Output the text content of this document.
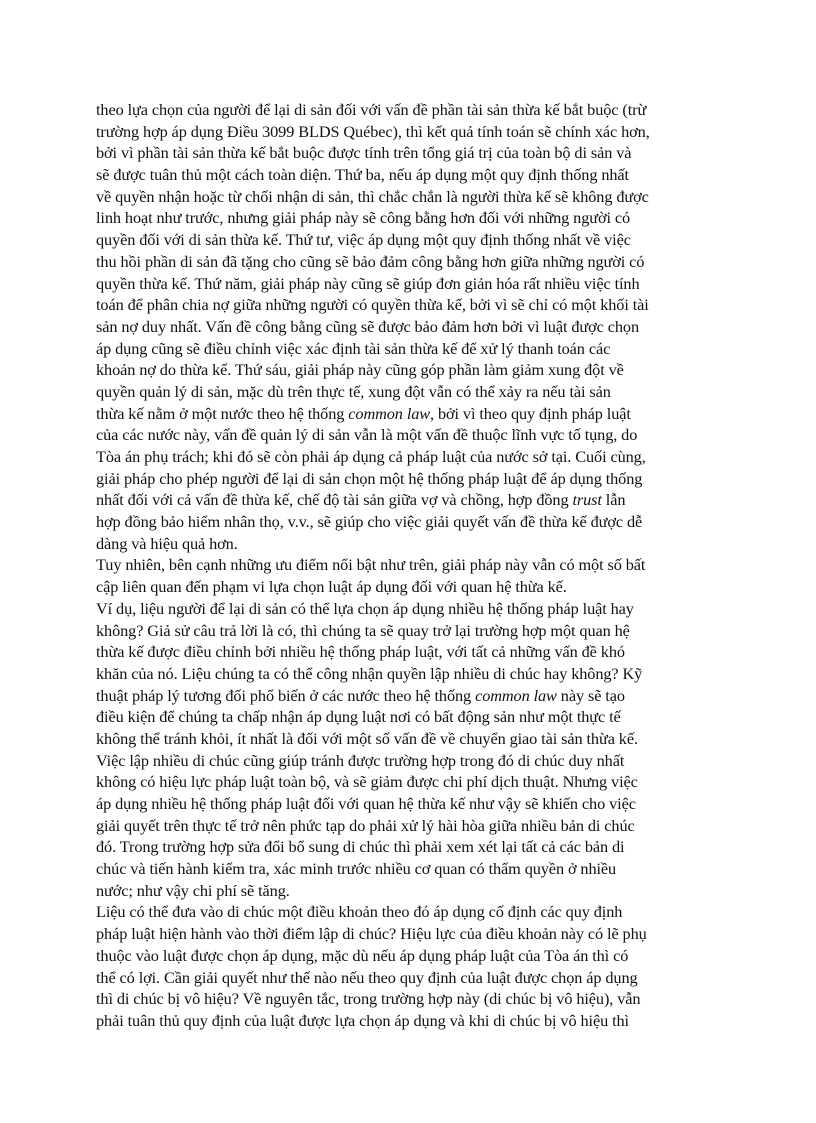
theo lựa chọn của người để lại di sản đối với vấn đề phần tài sản thừa kế bắt buộc (trừ
trường hợp áp dụng Điều 3099 BLDS Québec), thì kết quả tính toán sẽ chính xác hơn,
bởi vì phần tài sản thừa kế bắt buộc được tính trên tổng giá trị của toàn bộ di sản và
sẽ được tuân thủ một cách toàn diện. Thứ ba, nếu áp dụng một quy định thống nhất
về quyền nhận hoặc từ chối nhận di sản, thì chắc chắn là người thừa kế sẽ không được
linh hoạt như trước, nhưng giải pháp này sẽ công bằng hơn đối với những người có
quyền đối với di sản thừa kế. Thứ tư, việc áp dụng một quy định thống nhất về việc
thu hồi phần di sản đã tặng cho cũng sẽ bảo đảm công bằng hơn giữa những người có
quyền thừa kế. Thứ năm, giải pháp này cũng sẽ giúp đơn giản hóa rất nhiều việc tính
toán để phân chia nợ giữa những người có quyền thừa kế, bởi vì sẽ chỉ có một khối tài
sản nợ duy nhất. Vấn đề công bằng cũng sẽ được bảo đảm hơn bởi vì luật được chọn
áp dụng cũng sẽ điều chỉnh việc xác định tài sản thừa kế để xử lý thanh toán các
khoản nợ do thừa kế. Thứ sáu, giải pháp này cũng góp phần làm giảm xung đột về
quyền quản lý di sản, mặc dù trên thực tế, xung đột vẫn có thể xảy ra nếu tài sản
thừa kế nằm ở một nước theo hệ thống common law, bởi vì theo quy định pháp luật
của các nước này, vấn đề quản lý di sản vẫn là một vấn đề thuộc lĩnh vực tố tụng, do
Tòa án phụ trách; khi đó sẽ còn phải áp dụng cả pháp luật của nước sở tại. Cuối cùng,
giải pháp cho phép người để lại di sản chọn một hệ thống pháp luật để áp dụng thống
nhất đối với cả vấn đề thừa kế, chế độ tài sản giữa vợ và chồng, hợp đồng trust lẫn
hợp đồng bảo hiểm nhân thọ, v.v., sẽ giúp cho việc giải quyết vấn đề thừa kế được dễ
dàng và hiệu quả hơn.
Tuy nhiên, bên cạnh những ưu điểm nổi bật như trên, giải pháp này vẫn có một số bất
cập liên quan đến phạm vi lựa chọn luật áp dụng đối với quan hệ thừa kế.
Ví dụ, liệu người để lại di sản có thể lựa chọn áp dụng nhiều hệ thống pháp luật hay
không? Giả sử câu trả lời là có, thì chúng ta sẽ quay trở lại trường hợp một quan hệ
thừa kế được điều chỉnh bởi nhiều hệ thống pháp luật, với tất cả những vấn đề khó
khăn của nó. Liệu chúng ta có thể công nhận quyền lập nhiều di chúc hay không? Kỹ
thuật pháp lý tương đối phổ biến ở các nước theo hệ thống common law này sẽ tạo
điều kiện để chúng ta chấp nhận áp dụng luật nơi có bất động sản như một thực tế
không thể tránh khỏi, ít nhất là đối với một số vấn đề về chuyển giao tài sản thừa kế.
Việc lập nhiều di chúc cũng giúp tránh được trường hợp trong đó di chúc duy nhất
không có hiệu lực pháp luật toàn bộ, và sẽ giảm được chi phí dịch thuật. Nhưng việc
áp dụng nhiều hệ thống pháp luật đối với quan hệ thừa kế như vậy sẽ khiến cho việc
giải quyết trên thực tế trở nên phức tạp do phải xử lý hài hòa giữa nhiều bản di chúc
đó. Trong trường hợp sửa đổi bổ sung di chúc thì phải xem xét lại tất cả các bản di
chúc và tiến hành kiểm tra, xác minh trước nhiều cơ quan có thẩm quyền ở nhiều
nước; như vậy chi phí sẽ tăng.
Liệu có thể đưa vào di chúc một điều khoản theo đó áp dụng cố định các quy định
pháp luật hiện hành vào thời điểm lập di chúc? Hiệu lực của điều khoản này có lẽ phụ
thuộc vào luật được chọn áp dụng, mặc dù nếu áp dụng pháp luật của Tòa án thì có
thể có lợi. Cần giải quyết như thế nào nếu theo quy định của luật được chọn áp dụng
thì di chúc bị vô hiệu? Về nguyên tắc, trong trường hợp này (di chúc bị vô hiệu), vẫn
phải tuân thủ quy định của luật được lựa chọn áp dụng và khi di chúc bị vô hiệu thì
